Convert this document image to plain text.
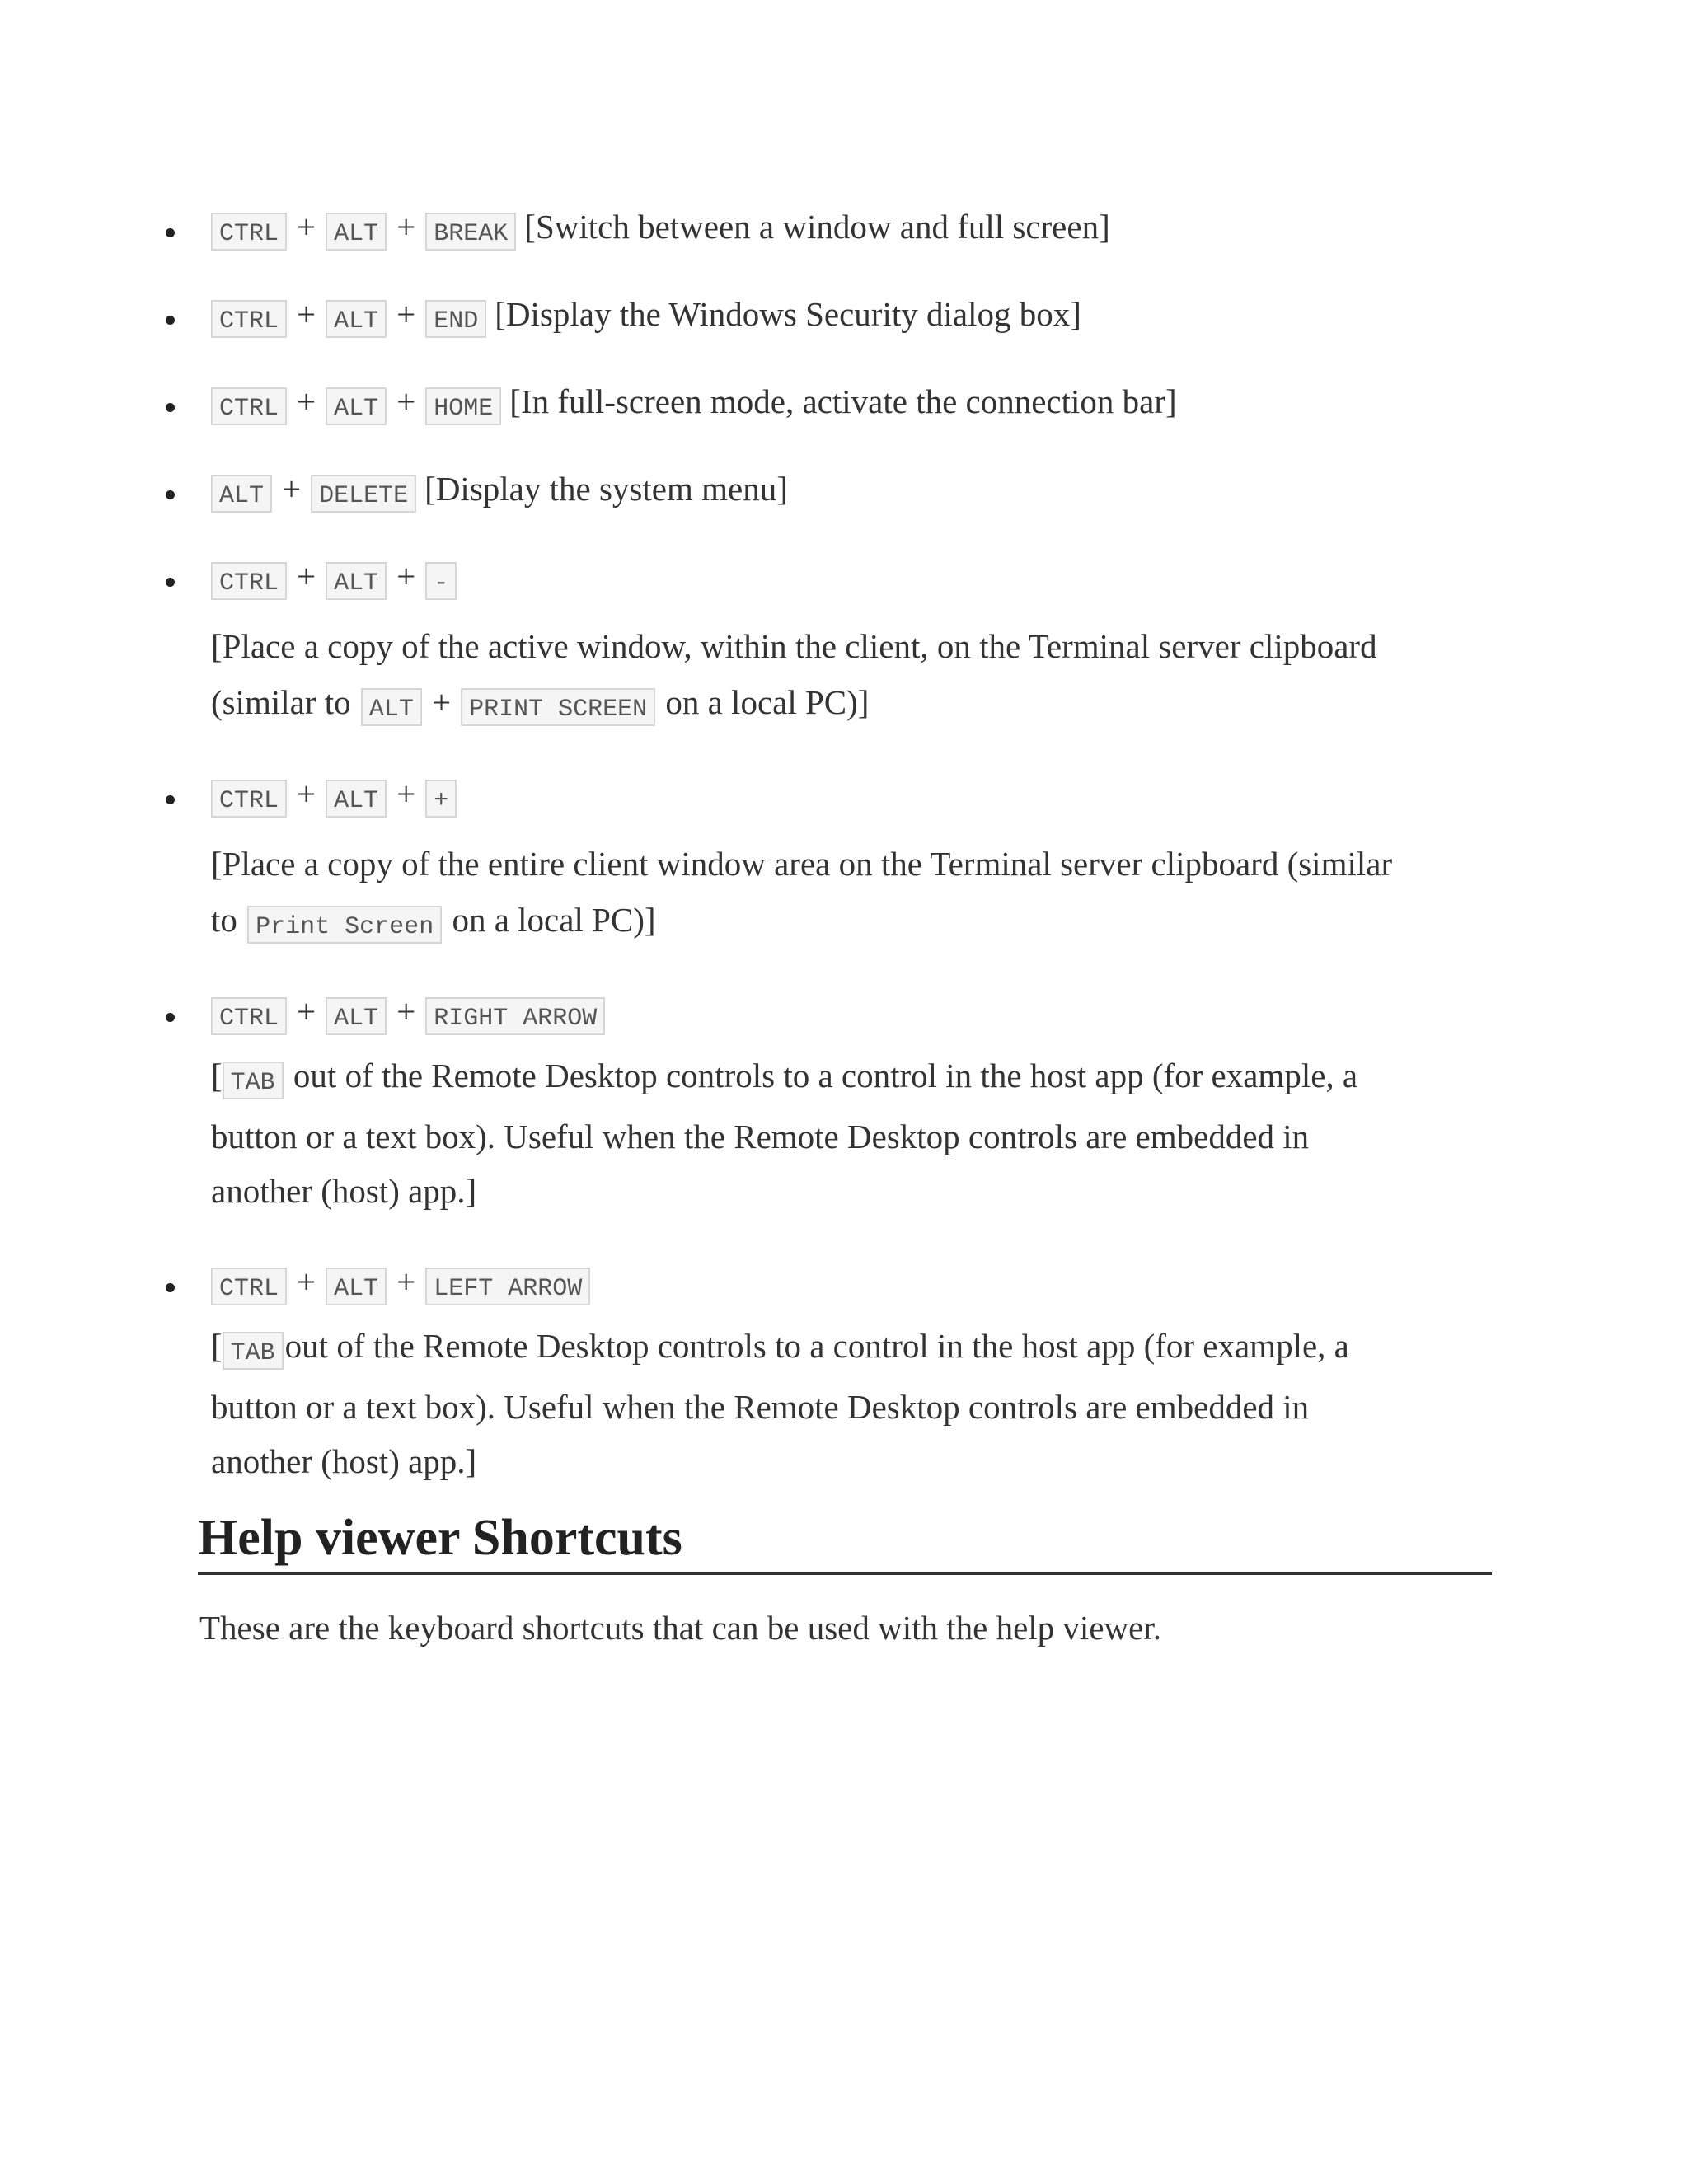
CTRL + ALT + BREAK [Switch between a window and full screen]
CTRL + ALT + END [Display the Windows Security dialog box]
CTRL + ALT + HOME [In full-screen mode, activate the connection bar]
ALT + DELETE [Display the system menu]
CTRL + ALT + -
[Place a copy of the active window, within the client, on the Terminal server clipboard
(similar to ALT + PRINT SCREEN on a local PC)]
CTRL + ALT + +
[Place a copy of the entire client window area on the Terminal server clipboard (similar
to Print Screen on a local PC)]
CTRL + ALT + RIGHT ARROW
[ TAB out of the Remote Desktop controls to a control in the host app (for example, a
button or a text box). Useful when the Remote Desktop controls are embedded in
another (host) app.]
CTRL + ALT + LEFT ARROW
[ TAB out of the Remote Desktop controls to a control in the host app (for example, a
button or a text box). Useful when the Remote Desktop controls are embedded in
another (host) app.]
Help viewer Shortcuts

These are the keyboard shortcuts that can be used with the help viewer.
